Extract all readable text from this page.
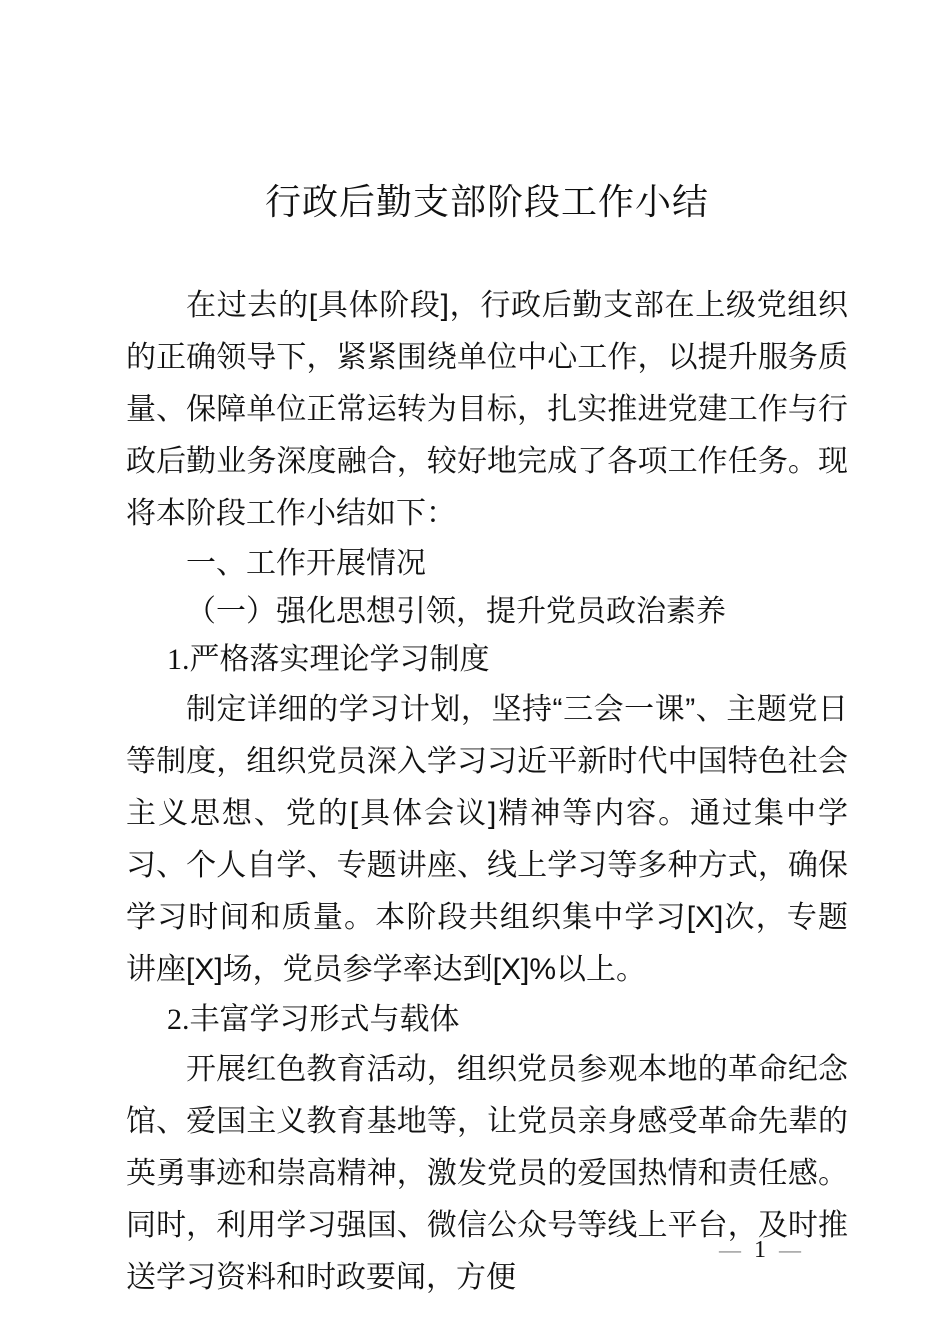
行政后勤支部阶段工作小结

在过去的[具体阶段]，行政后勤支部在上级党组织的正确领导下，紧紧围绕单位中心工作，以提升服务质量、保障单位正常运转为目标，扎实推进党建工作与行政后勤业务深度融合，较好地完成了各项工作任务。现将本阶段工作小结如下：

一、工作开展情况
（一）强化思想引领，提升党员政治素养
1.严格落实理论学习制度

制定详细的学习计划，坚持“三会一课”、主题党日等制度，组织党员深入学习习近平新时代中国特色社会主义思想、党的[具体会议]精神等内容。通过集中学习、个人自学、专题讲座、线上学习等多种方式，确保学习时间和质量。本阶段共组织集中学习[X]次，专题讲座[X]场，党员参学率达到[X]%以上。

2.丰富学习形式与载体

开展红色教育活动，组织党员参观本地的革命纪念馆、爱国主义教育基地等，让党员亲身感受革命先辈的英勇事迹和崇高精神，激发党员的爱国热情和责任感。同时，利用学习强国、微信公众号等线上平台，及时推送学习资料和时政要闻，方便

— 1 —
